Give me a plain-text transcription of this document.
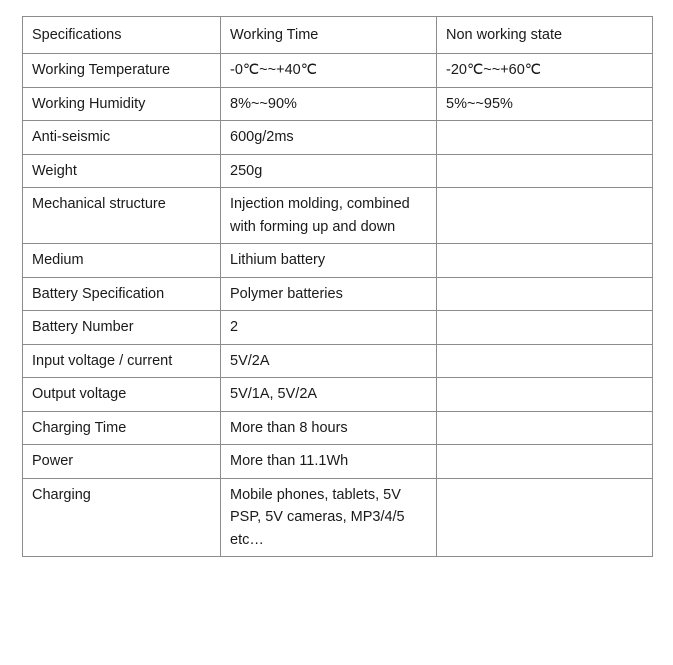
Specifications	Working Time	Non working state
Working Temperature	-0℃~~+40℃	-20℃~~+60℃
Working Humidity	8%~~90%	5%~~95%
Anti-seismic	600g/2ms	
Weight	250g	
Mechanical structure	Injection molding, combined with forming up and down	
Medium	Lithium battery	
Battery Specification	Polymer batteries	
Battery Number	2	
Input voltage / current	5V/2A	
Output voltage	5V/1A, 5V/2A	
Charging Time	More than 8 hours	
Power	More than 11.1Wh	
Charging	Mobile phones, tablets, 5V PSP, 5V cameras, MP3/4/5 etc…	
